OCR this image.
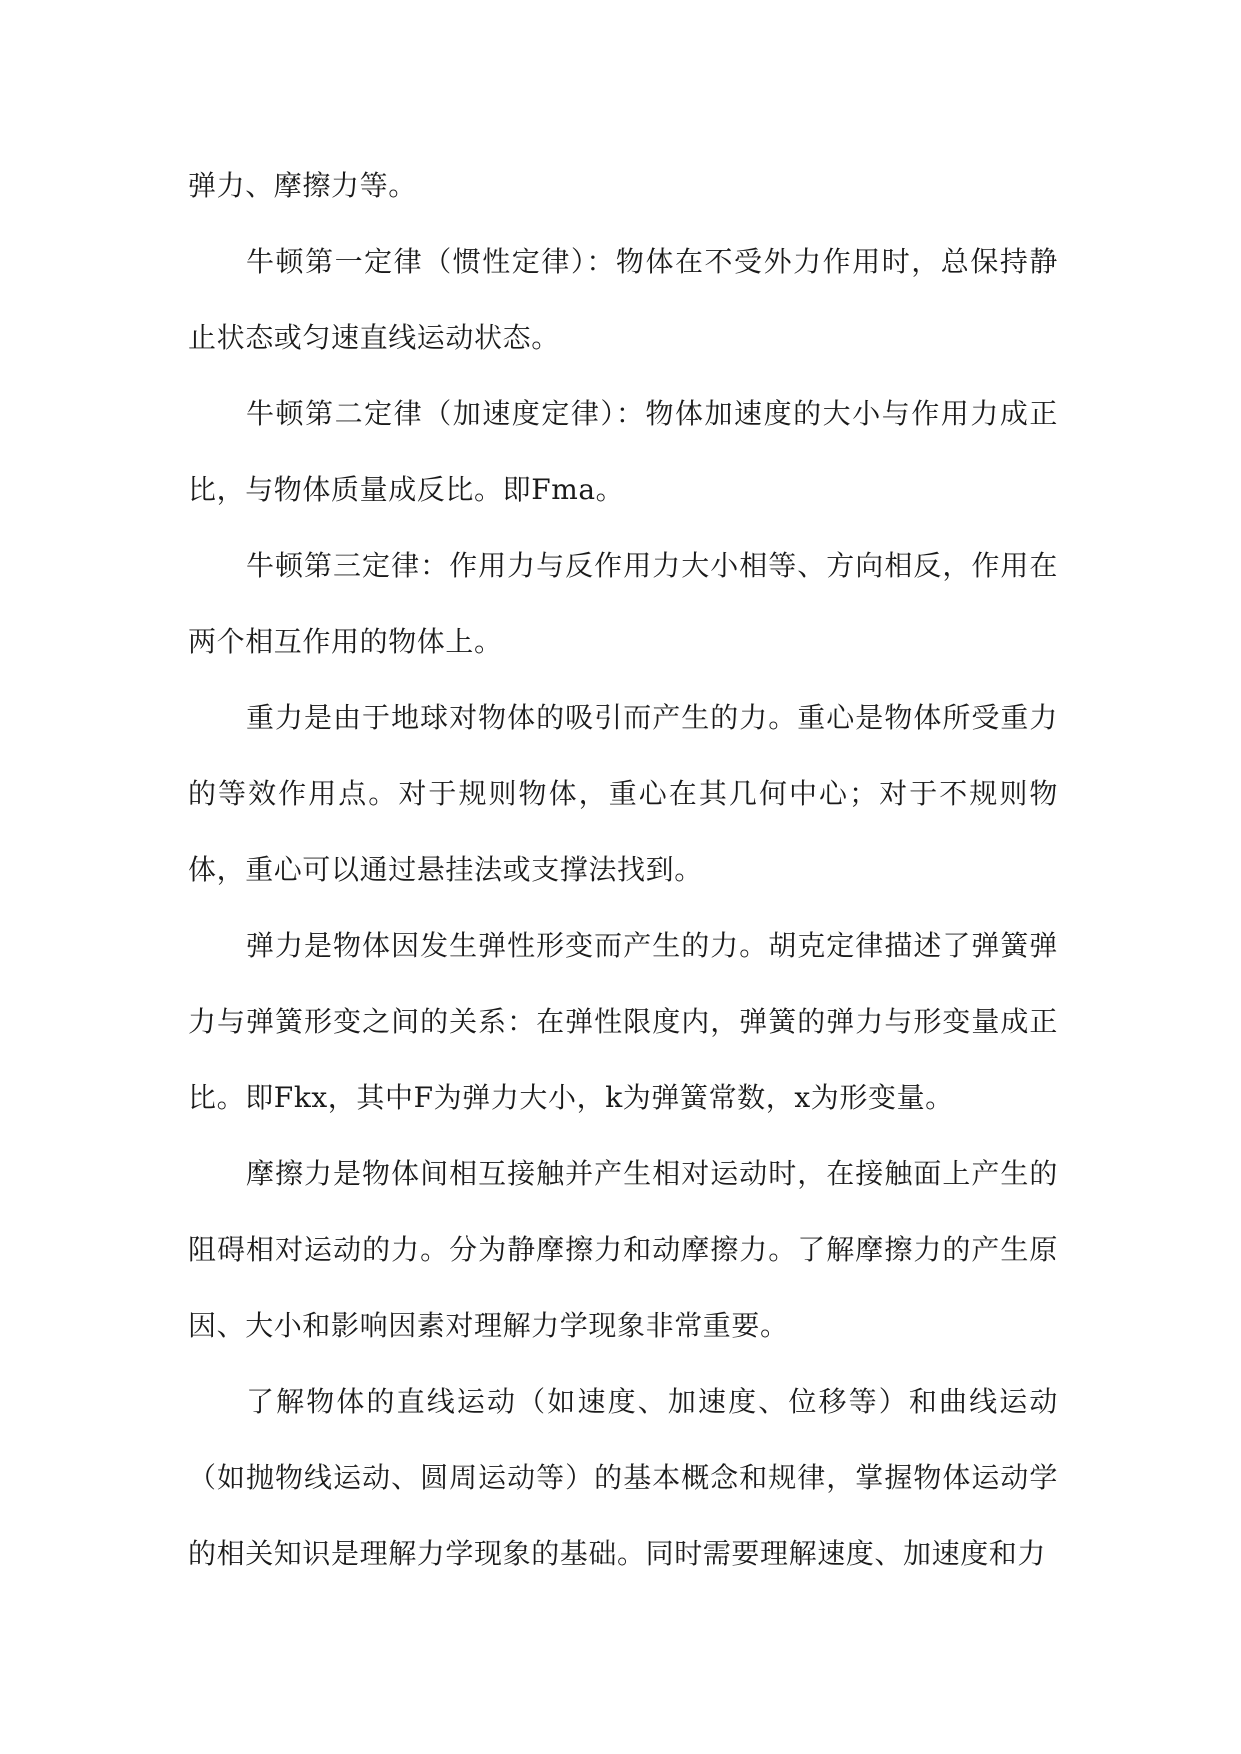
弹力、摩擦力等。

牛顿第一定律（惯性定律）：物体在不受外力作用时，总保持静止状态或匀速直线运动状态。

牛顿第二定律（加速度定律）：物体加速度的大小与作用力成正比，与物体质量成反比。即Fma。

牛顿第三定律：作用力与反作用力大小相等、方向相反，作用在两个相互作用的物体上。

重力是由于地球对物体的吸引而产生的力。重心是物体所受重力的等效作用点。对于规则物体，重心在其几何中心；对于不规则物体，重心可以通过悬挂法或支撑法找到。

弹力是物体因发生弹性形变而产生的力。胡克定律描述了弹簧弹力与弹簧形变之间的关系：在弹性限度内，弹簧的弹力与形变量成正比。即Fkx，其中F为弹力大小，k为弹簧常数，x为形变量。

摩擦力是物体间相互接触并产生相对运动时，在接触面上产生的阻碍相对运动的力。分为静摩擦力和动摩擦力。了解摩擦力的产生原因、大小和影响因素对理解力学现象非常重要。

了解物体的直线运动（如速度、加速度、位移等）和曲线运动（如抛物线运动、圆周运动等）的基本概念和规律，掌握物体运动学的相关知识是理解力学现象的基础。同时需要理解速度、加速度和力
